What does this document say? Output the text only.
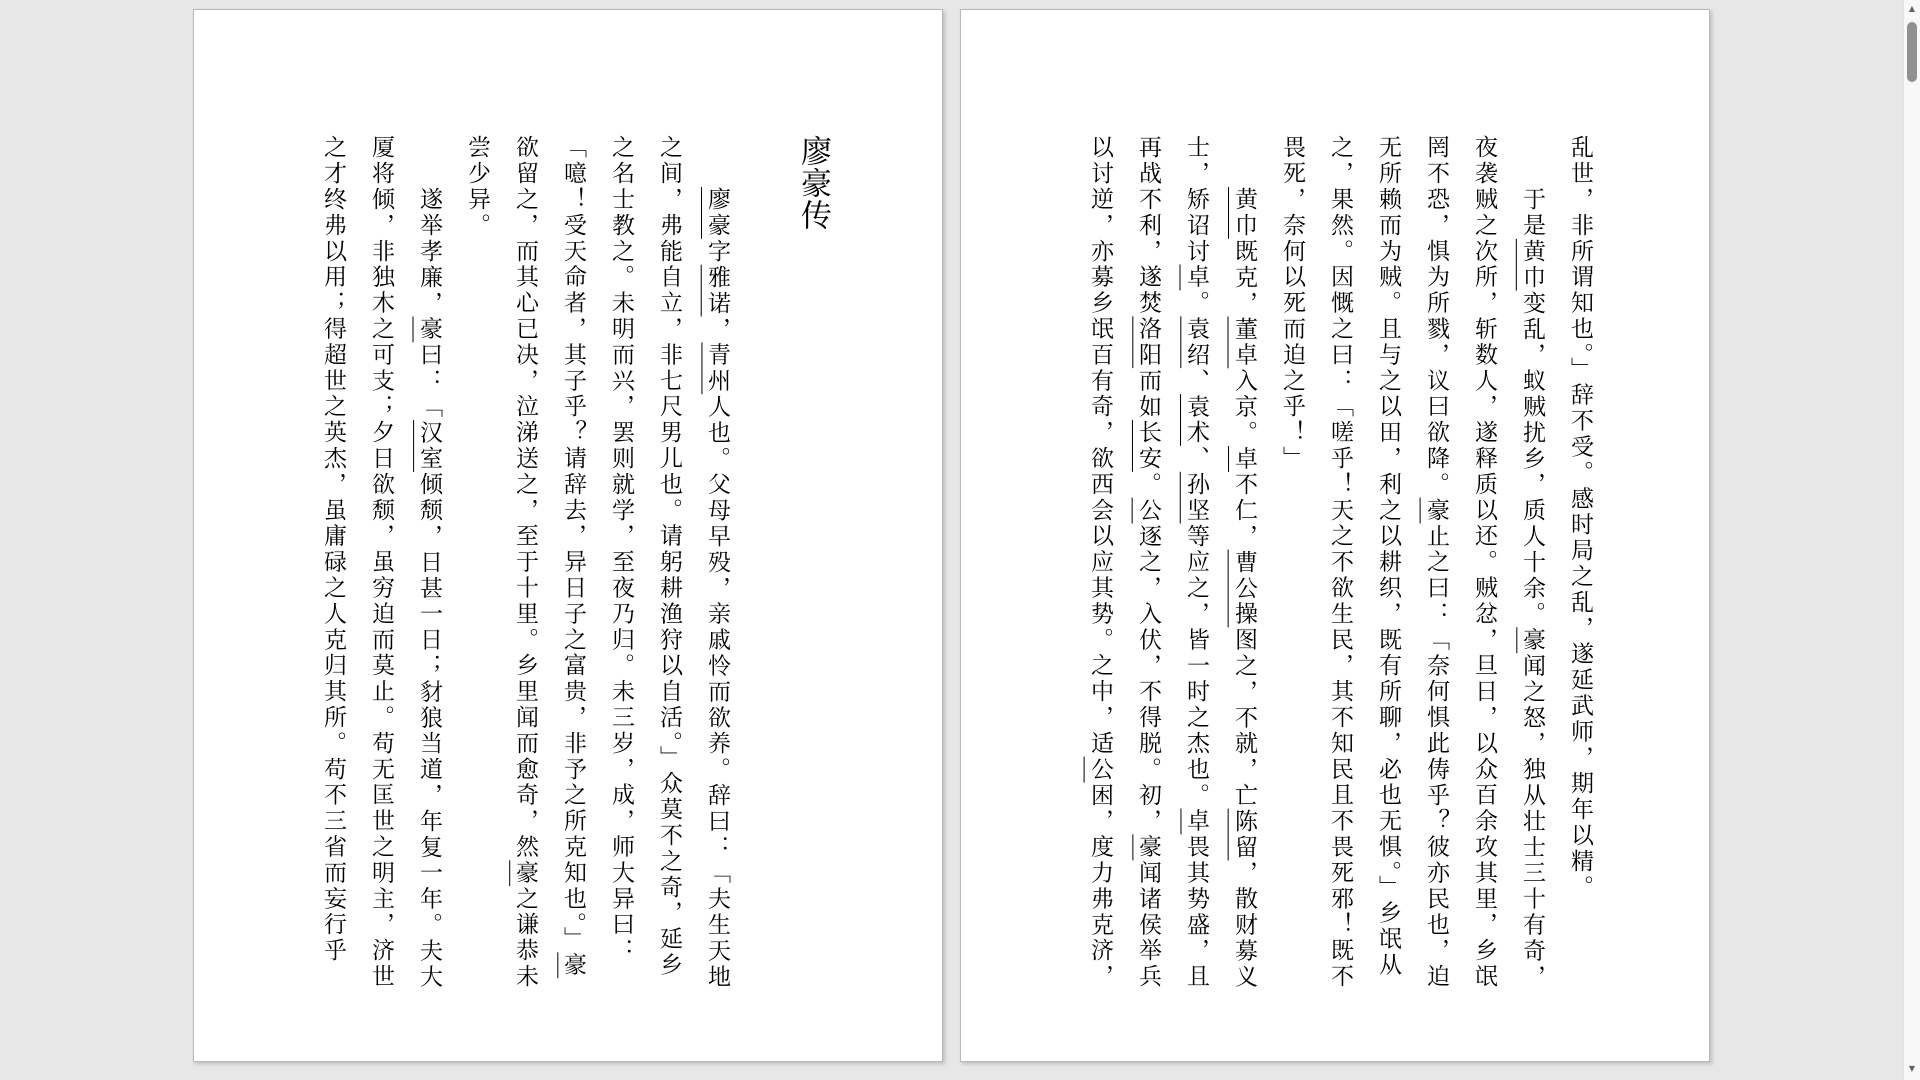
廖豪传

廖豪字雅诺，青州人也。父母早殁，亲戚怜而欲养。辞曰：「夫生天地之间，弗能自立，非七尺男儿也。请躬耕渔狩以自活。」众莫不之奇，延乡之名士教之。未明而兴，罢则就学，至夜乃归。未三岁，成，师大异曰：「噫！受天命者，其子乎？请辞去，异日子之富贵，非予之所克知也。」豪欲留之，而其心已决，泣涕送之，至于十里。乡里闻而愈奇，然豪之谦恭未尝少异。

遂举孝廉，豪曰：「汉室倾颓，日甚一日；豺狼当道，年复一年。夫大厦将倾，非独木之可支；夕日欲颓，虽穷迫而莫止。苟无匡世之明主，济世之才终弗以用；得超世之英杰，虽庸碌之人克归其所。苟不三省而妄行乎	乱世，非所谓知也。」辞不受。感时局之乱，遂延武师，期年以精。

于是黄巾变乱，蚁贼扰乡，质人十余。豪闻之怒，独从壮士三十有奇，夜袭贼之次所，斩数人，遂释质以还。贼忿，旦日，以众百余攻其里，乡氓罔不恐，惧为所戮，议曰欲降。豪止之曰：「奈何惧此俦乎？彼亦民也，迫无所赖而为贼。且与之以田，利之以耕织，既有所聊，必也无惧。」乡氓从之，果然。因慨之曰：「嗟乎！天之不欲生民，其不知民且不畏死邪！既不畏死，奈何以死而迫之乎！」

黄巾既克，董卓入京。卓不仁，曹公操图之，不就，亡陈留，散财募义士，矫诏讨卓。袁绍、袁术、孙坚等应之，皆一时之杰也。卓畏其势盛，且再战不利，遂焚洛阳而如长安。公逐之，入伏，不得脱。初，豪闻诸侯举兵以讨逆，亦募乡氓百有奇，欲西会以应其势。之中，适公困，度力弗克济，

▲
▼
